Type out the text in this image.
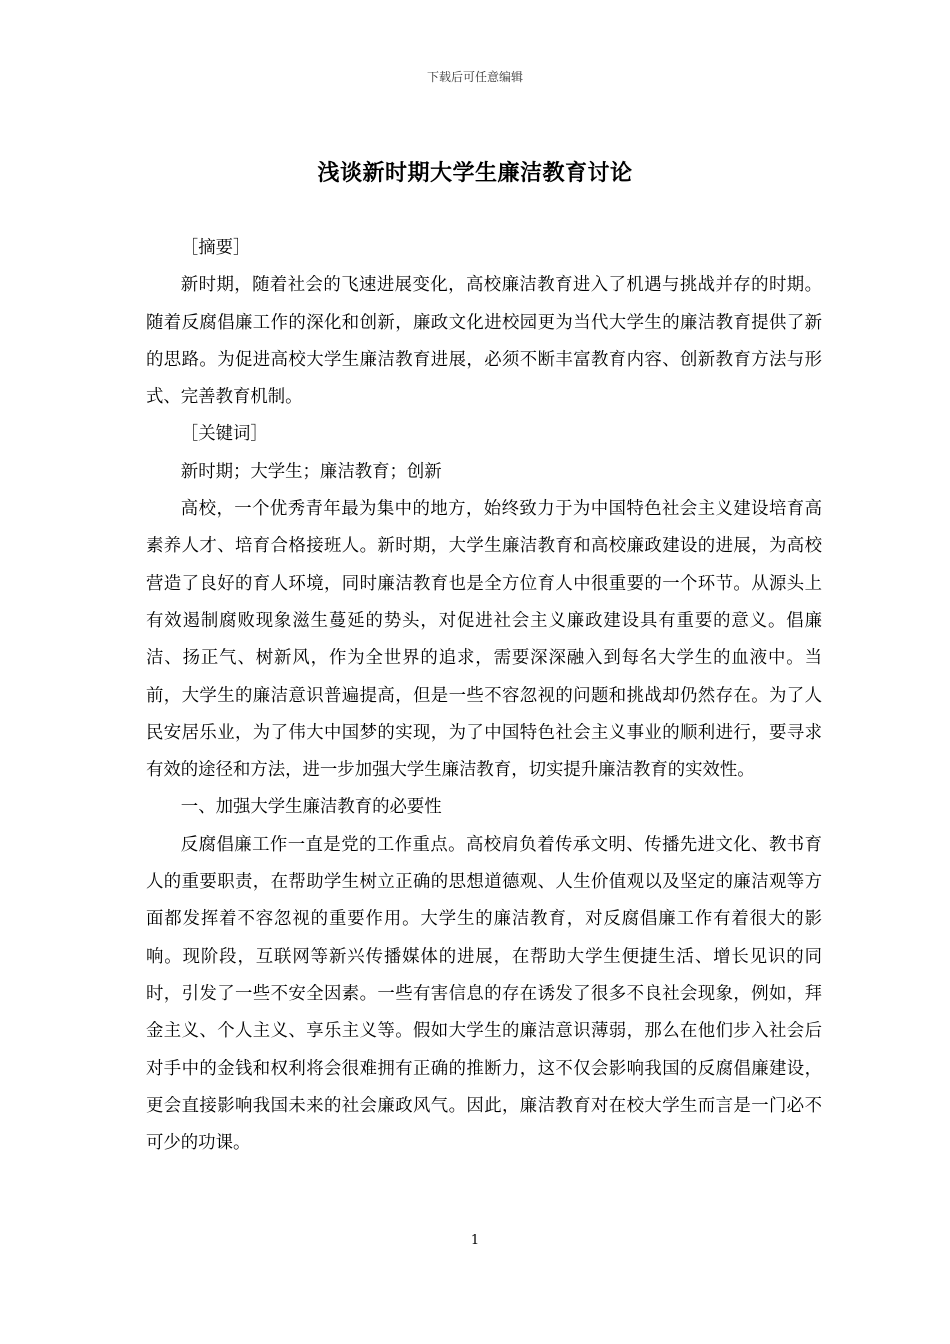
下载后可任意编辑
浅谈新时期大学生廉洁教育讨论

［摘要］

新时期，随着社会的飞速进展变化，高校廉洁教育进入了机遇与挑战并存的时期。随着反腐倡廉工作的深化和创新，廉政文化进校园更为当代大学生的廉洁教育提供了新的思路。为促进高校大学生廉洁教育进展，必须不断丰富教育内容、创新教育方法与形式、完善教育机制。

［关键词］

新时期；大学生；廉洁教育；创新

高校，一个优秀青年最为集中的地方，始终致力于为中国特色社会主义建设培育高素养人才、培育合格接班人。新时期，大学生廉洁教育和高校廉政建设的进展，为高校营造了良好的育人环境，同时廉洁教育也是全方位育人中很重要的一个环节。从源头上有效遏制腐败现象滋生蔓延的势头，对促进社会主义廉政建设具有重要的意义。倡廉洁、扬正气、树新风，作为全世界的追求，需要深深融入到每名大学生的血液中。当前，大学生的廉洁意识普遍提高，但是一些不容忽视的问题和挑战却仍然存在。为了人民安居乐业，为了伟大中国梦的实现，为了中国特色社会主义事业的顺利进行，要寻求有效的途径和方法，进一步加强大学生廉洁教育，切实提升廉洁教育的实效性。

一、加强大学生廉洁教育的必要性

反腐倡廉工作一直是党的工作重点。高校肩负着传承文明、传播先进文化、教书育人的重要职责，在帮助学生树立正确的思想道德观、人生价值观以及坚定的廉洁观等方面都发挥着不容忽视的重要作用。大学生的廉洁教育，对反腐倡廉工作有着很大的影响。现阶段，互联网等新兴传播媒体的进展，在帮助大学生便捷生活、增长见识的同时，引发了一些不安全因素。一些有害信息的存在诱发了很多不良社会现象，例如，拜金主义、个人主义、享乐主义等。假如大学生的廉洁意识薄弱，那么在他们步入社会后对手中的金钱和权利将会很难拥有正确的推断力，这不仅会影响我国的反腐倡廉建设，更会直接影响我国未来的社会廉政风气。因此，廉洁教育对在校大学生而言是一门必不可少的功课。

1
